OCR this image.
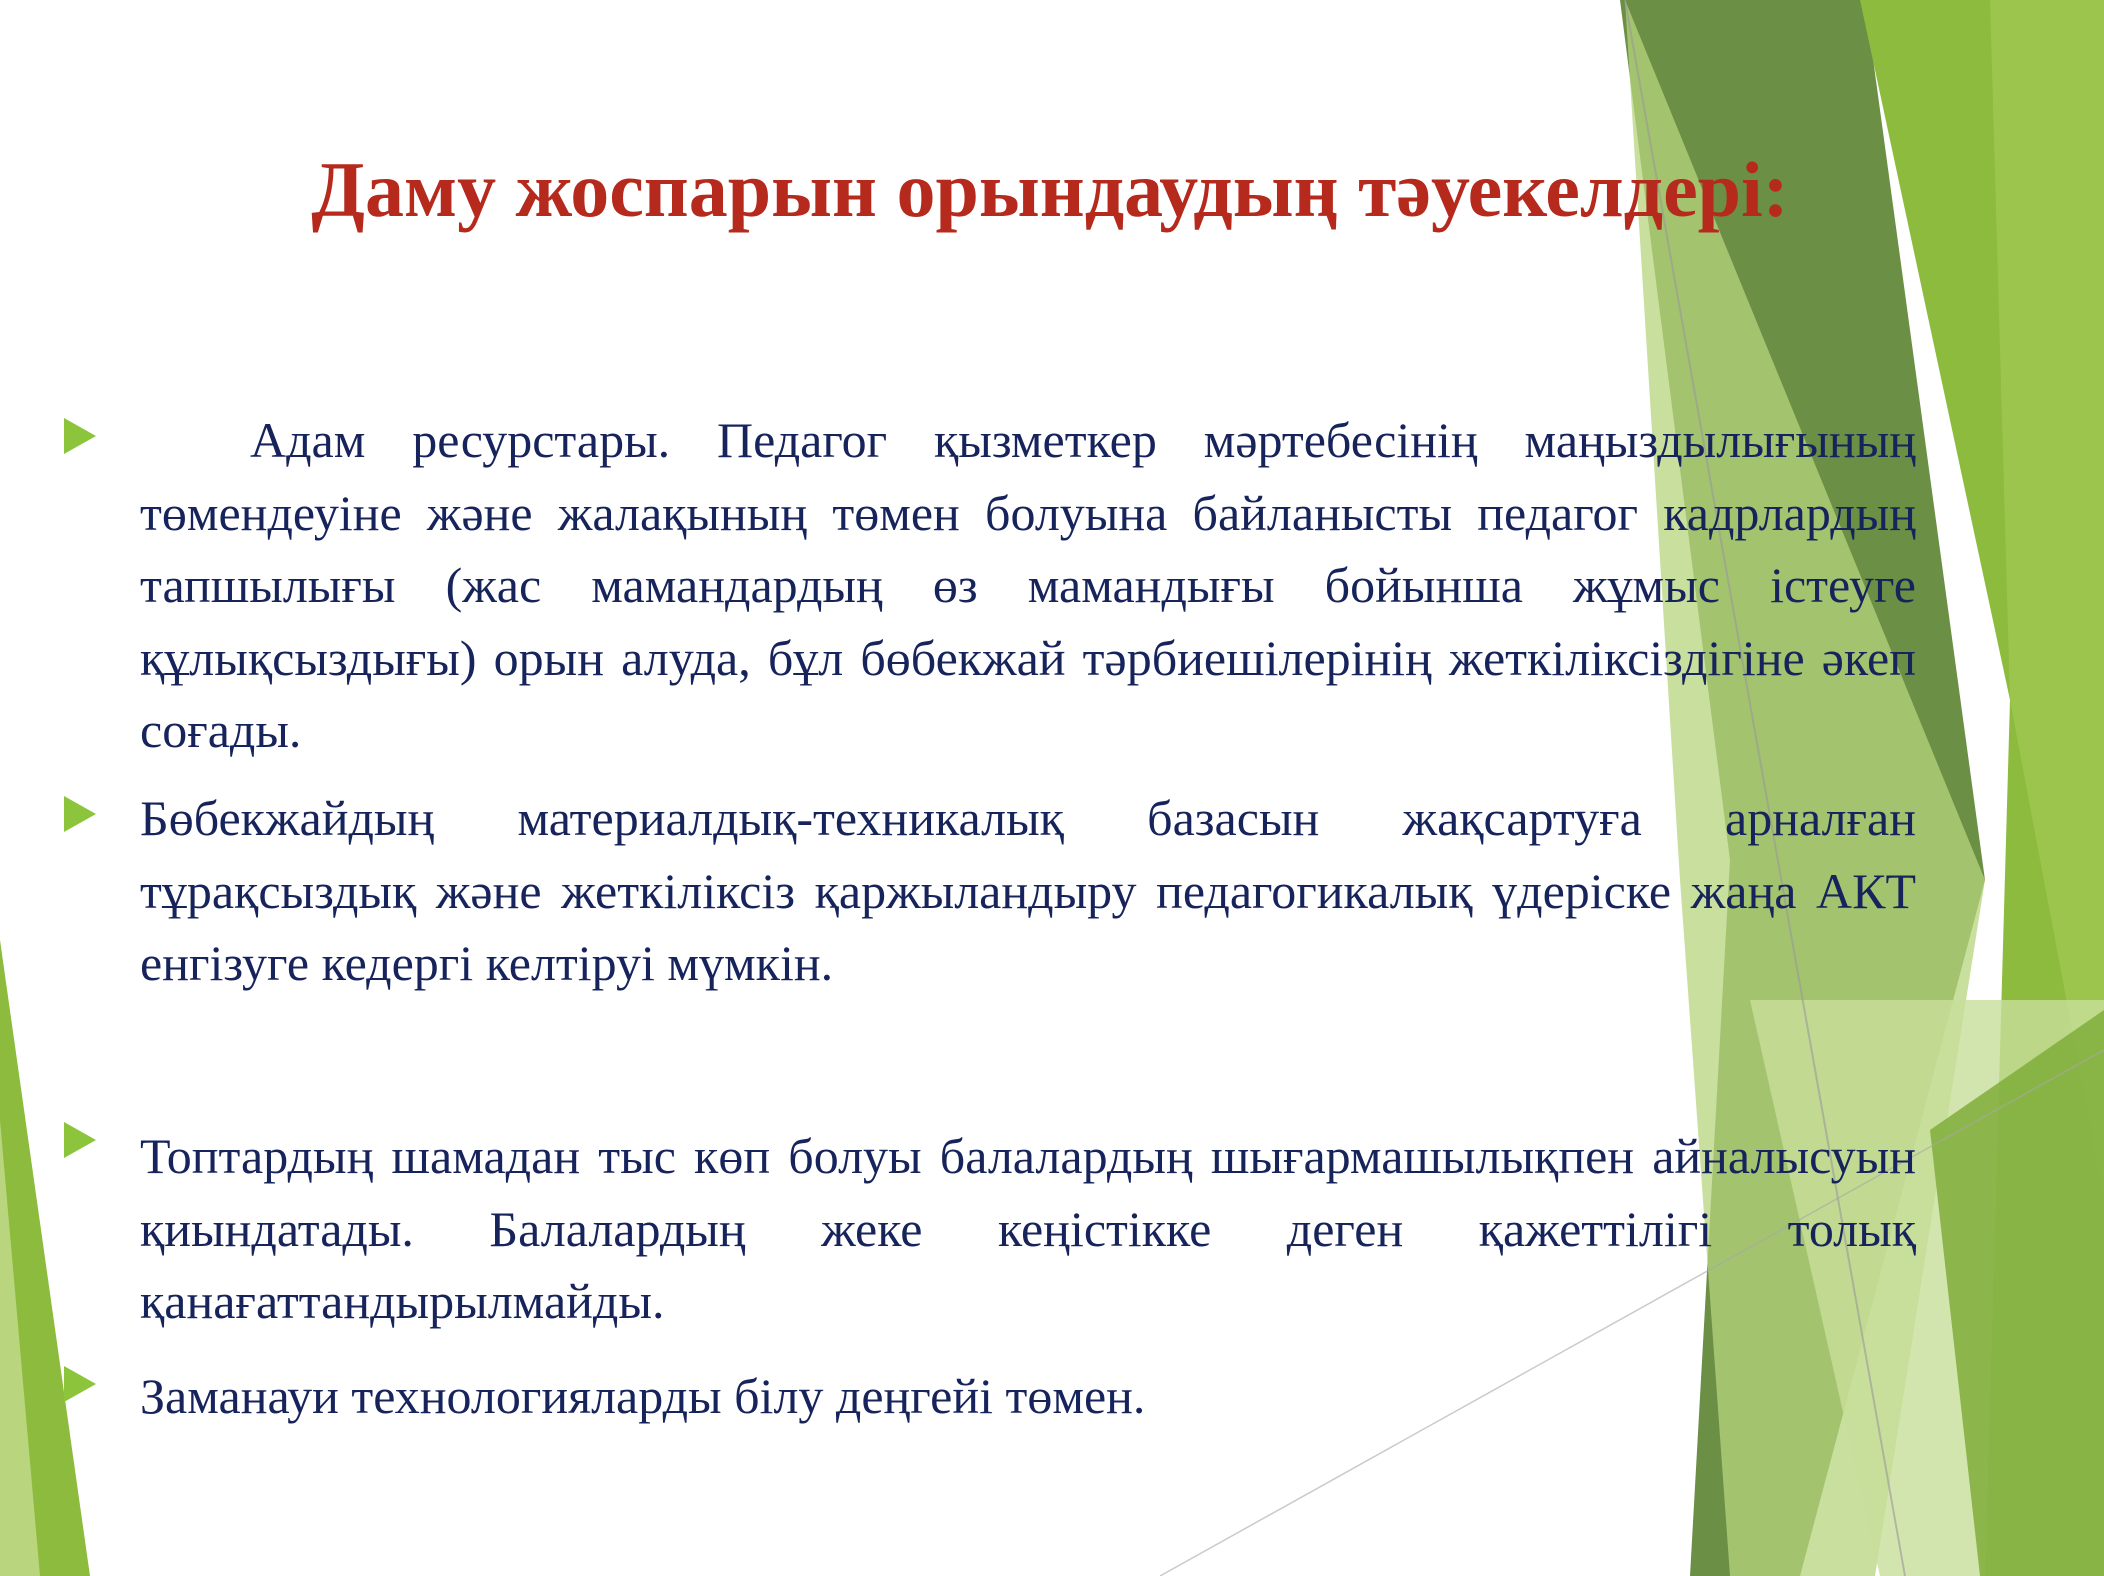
Даму жоспарын орындаудың тәуекелдері:

Адам ресурстары. Педагог қызметкер мәртебесінің маңыздылығының төмендеуіне және жалақының төмен болуына байланысты педагог кадрлардың тапшылығы (жас мамандардың өз мамандығы бойынша жұмыс істеуге құлықсыздығы) орын алуда, бұл бөбекжай тәрбиешілерінің жеткіліксіздігіне әкеп соғады.

Бөбекжайдың материалдық-техникалық базасын жақсартуға арналған тұрақсыздық және жеткіліксіз қаржыландыру педагогикалық үдеріске жаңа АКТ енгізуге кедергі келтіруі мүмкін.

Топтардың шамадан тыс көп болуы балалардың шығармашылықпен айналысуын қиындатады. Балалардың жеке кеңістікке деген қажеттілігі толық қанағаттандырылмайды.

Заманауи технологияларды білу деңгейі төмен.
